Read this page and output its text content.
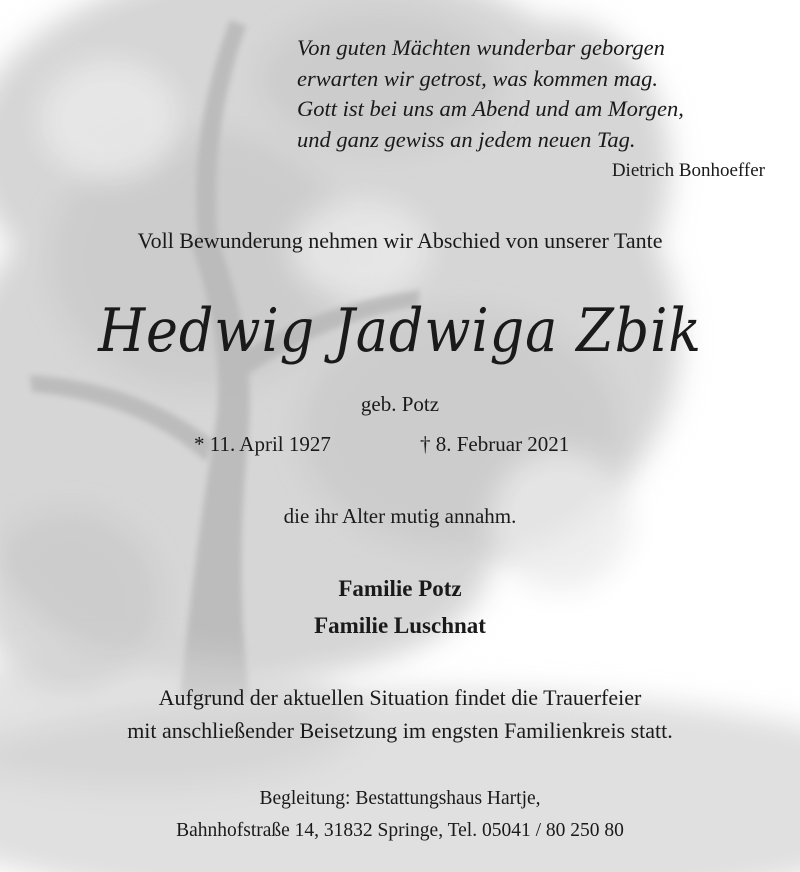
Von guten Mächten wunderbar geborgen
erwarten wir getrost, was kommen mag.
Gott ist bei uns am Abend und am Morgen,
und ganz gewiss an jedem neuen Tag.
Dietrich Bonhoeffer
Voll Bewunderung nehmen wir Abschied von unserer Tante
Hedwig Jadwiga Zbik
geb. Potz
* 11. April 1927	† 8. Februar 2021
die ihr Alter mutig annahm.
Familie Potz
Familie Luschnat
Aufgrund der aktuellen Situation findet die Trauerfeier
mit anschließender Beisetzung im engsten Familienkreis statt.
Begleitung: Bestattungshaus Hartje,
Bahnhofstraße 14, 31832 Springe, Tel. 05041 / 80 250 80
